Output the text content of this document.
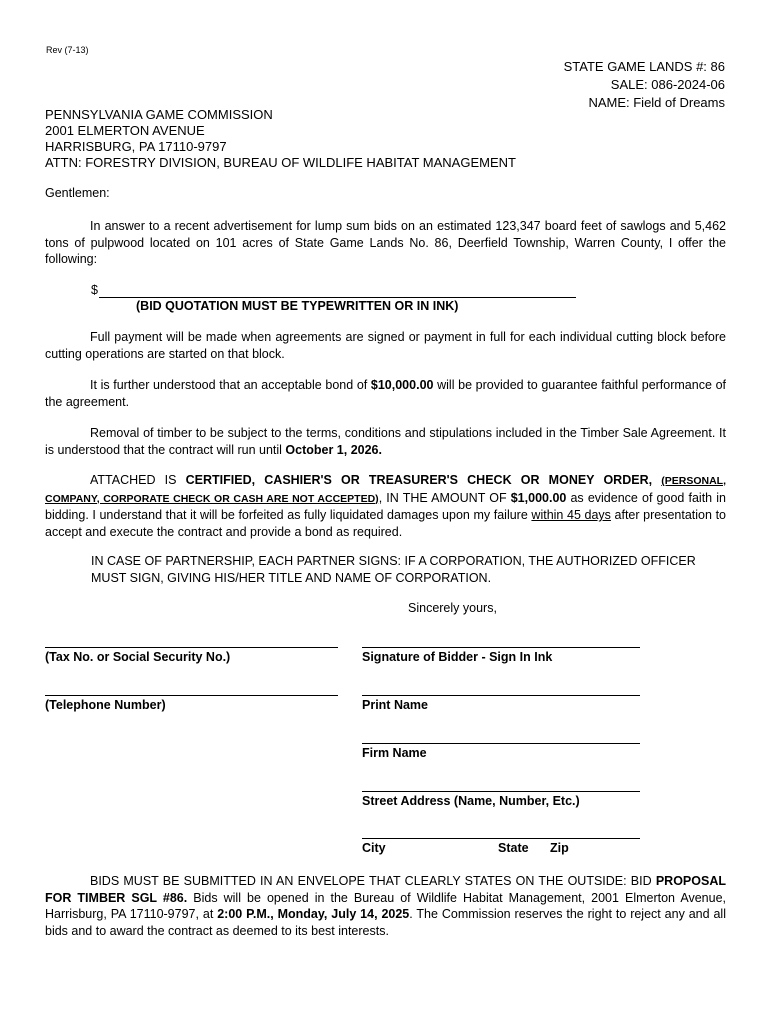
Rev (7-13)
STATE GAME LANDS #: 86
SALE: 086-2024-06
NAME: Field of Dreams
PENNSYLVANIA GAME COMMISSION
2001 ELMERTON AVENUE
HARRISBURG, PA 17110-9797
ATTN: FORESTRY DIVISION, BUREAU OF WILDLIFE HABITAT MANAGEMENT
Gentlemen:
In answer to a recent advertisement for lump sum bids on an estimated 123,347 board feet of sawlogs and 5,462 tons of pulpwood located on 101 acres of State Game Lands No. 86, Deerfield Township, Warren County, I offer the following:
$
(BID QUOTATION MUST BE TYPEWRITTEN OR IN INK)
Full payment will be made when agreements are signed or payment in full for each individual cutting block before cutting operations are started on that block.
It is further understood that an acceptable bond of $10,000.00 will be provided to guarantee faithful performance of the agreement.
Removal of timber to be subject to the terms, conditions and stipulations included in the Timber Sale Agreement. It is understood that the contract will run until October 1, 2026.
ATTACHED IS CERTIFIED, CASHIER'S OR TREASURER'S CHECK OR MONEY ORDER, (PERSONAL, COMPANY, CORPORATE CHECK OR CASH ARE NOT ACCEPTED), IN THE AMOUNT OF $1,000.00 as evidence of good faith in bidding. I understand that it will be forfeited as fully liquidated damages upon my failure within 45 days after presentation to accept and execute the contract and provide a bond as required.
IN CASE OF PARTNERSHIP, EACH PARTNER SIGNS: IF A CORPORATION, THE AUTHORIZED OFFICER MUST SIGN, GIVING HIS/HER TITLE AND NAME OF CORPORATION.
Sincerely yours,
(Tax No. or Social Security No.)	Signature of Bidder - Sign In Ink
(Telephone Number)	Print Name
Firm Name
Street Address (Name, Number, Etc.)
City	State Zip
BIDS MUST BE SUBMITTED IN AN ENVELOPE THAT CLEARLY STATES ON THE OUTSIDE: BID PROPOSAL FOR TIMBER SGL #86. Bids will be opened in the Bureau of Wildlife Habitat Management, 2001 Elmerton Avenue, Harrisburg, PA 17110-9797, at 2:00 P.M., Monday, July 14, 2025. The Commission reserves the right to reject any and all bids and to award the contract as deemed to its best interests.
